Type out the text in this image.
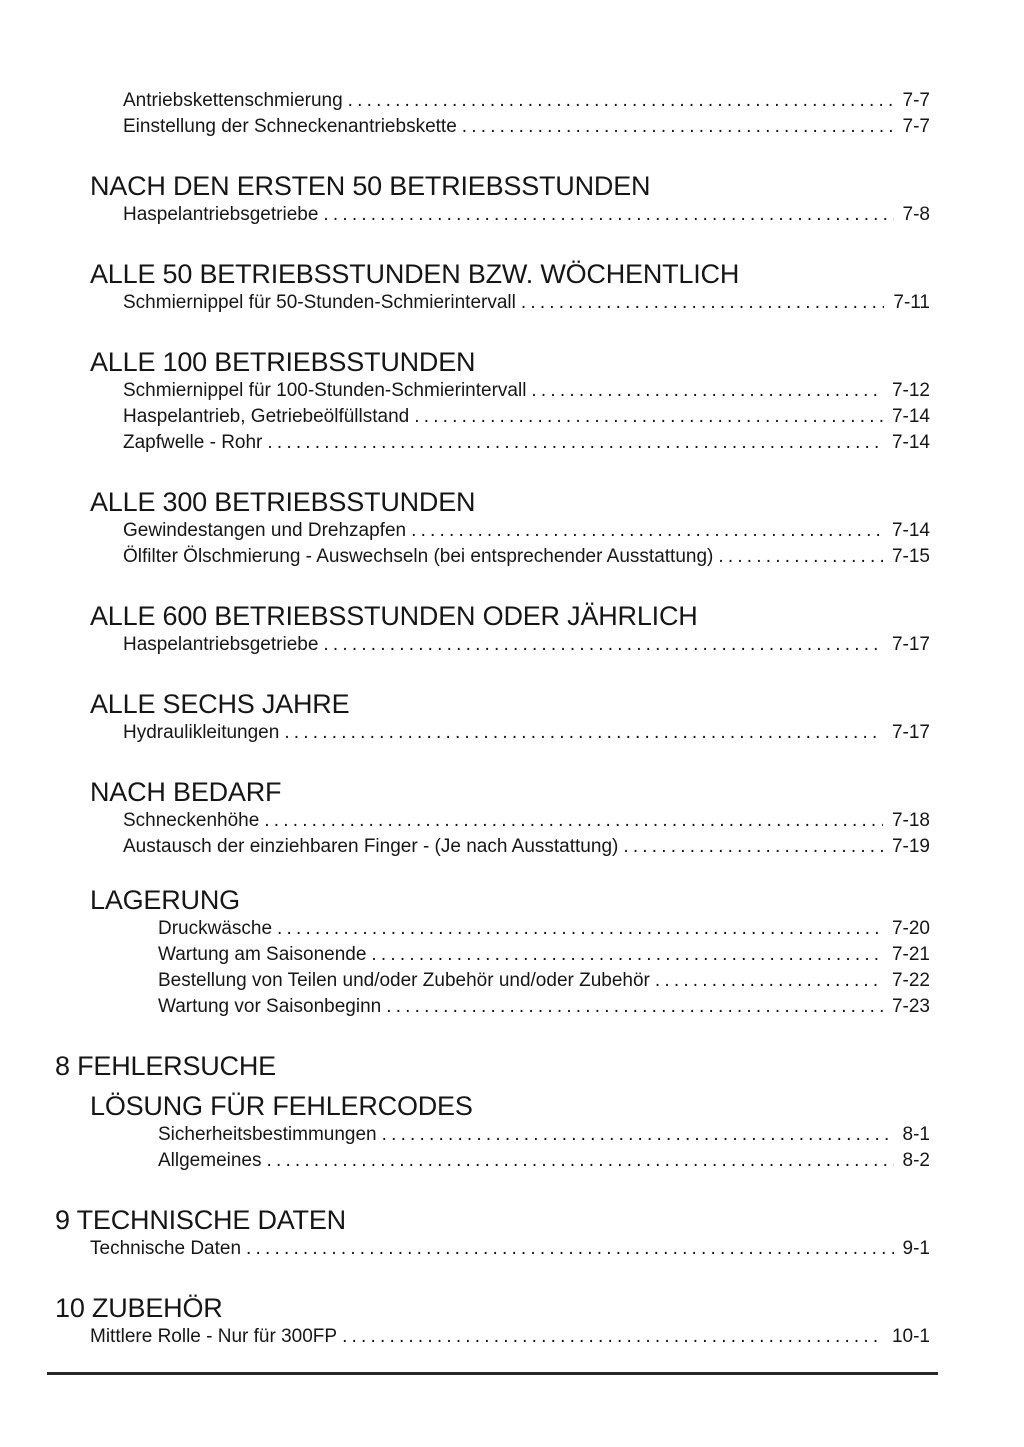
Antriebskettenschmierung .....	7-7
Einstellung der Schneckenantriebskette .....	7-7
NACH DEN ERSTEN 50 BETRIEBSSTUNDEN
Haspelantriebsgetriebe .....	7-8
ALLE 50 BETRIEBSSTUNDEN BZW. WÖCHENTLICH
Schmiernippel für 50-Stunden-Schmierintervall .....	7-11
ALLE 100 BETRIEBSSTUNDEN
Schmiernippel für 100-Stunden-Schmierintervall .....	7-12
Haspelantrieb, Getriebeölfüllstand .....	7-14
Zapfwelle - Rohr .....	7-14
ALLE 300 BETRIEBSSTUNDEN
Gewindestangen und Drehzapfen .....	7-14
Ölfilter Ölschmierung - Auswechseln (bei entsprechender Ausstattung) .....	7-15
ALLE 600 BETRIEBSSTUNDEN ODER JÄHRLICH
Haspelantriebsgetriebe .....	7-17
ALLE SECHS JAHRE
Hydraulikleitungen .....	7-17
NACH BEDARF
Schneckenhöhe .....	7-18
Austausch der einziehbaren Finger - (Je nach Ausstattung) .....	7-19
LAGERUNG
Druckwäsche .....	7-20
Wartung am Saisonende .....	7-21
Bestellung von Teilen und/oder Zubehör und/oder Zubehör .....	7-22
Wartung vor Saisonbeginn .....	7-23
8 FEHLERSUCHE
LÖSUNG FÜR FEHLERCODES
Sicherheitsbestimmungen .....	8-1
Allgemeines .....	8-2
9 TECHNISCHE DATEN
Technische Daten .....	9-1
10 ZUBEHÖR
Mittlere Rolle - Nur für 300FP .....	10-1
